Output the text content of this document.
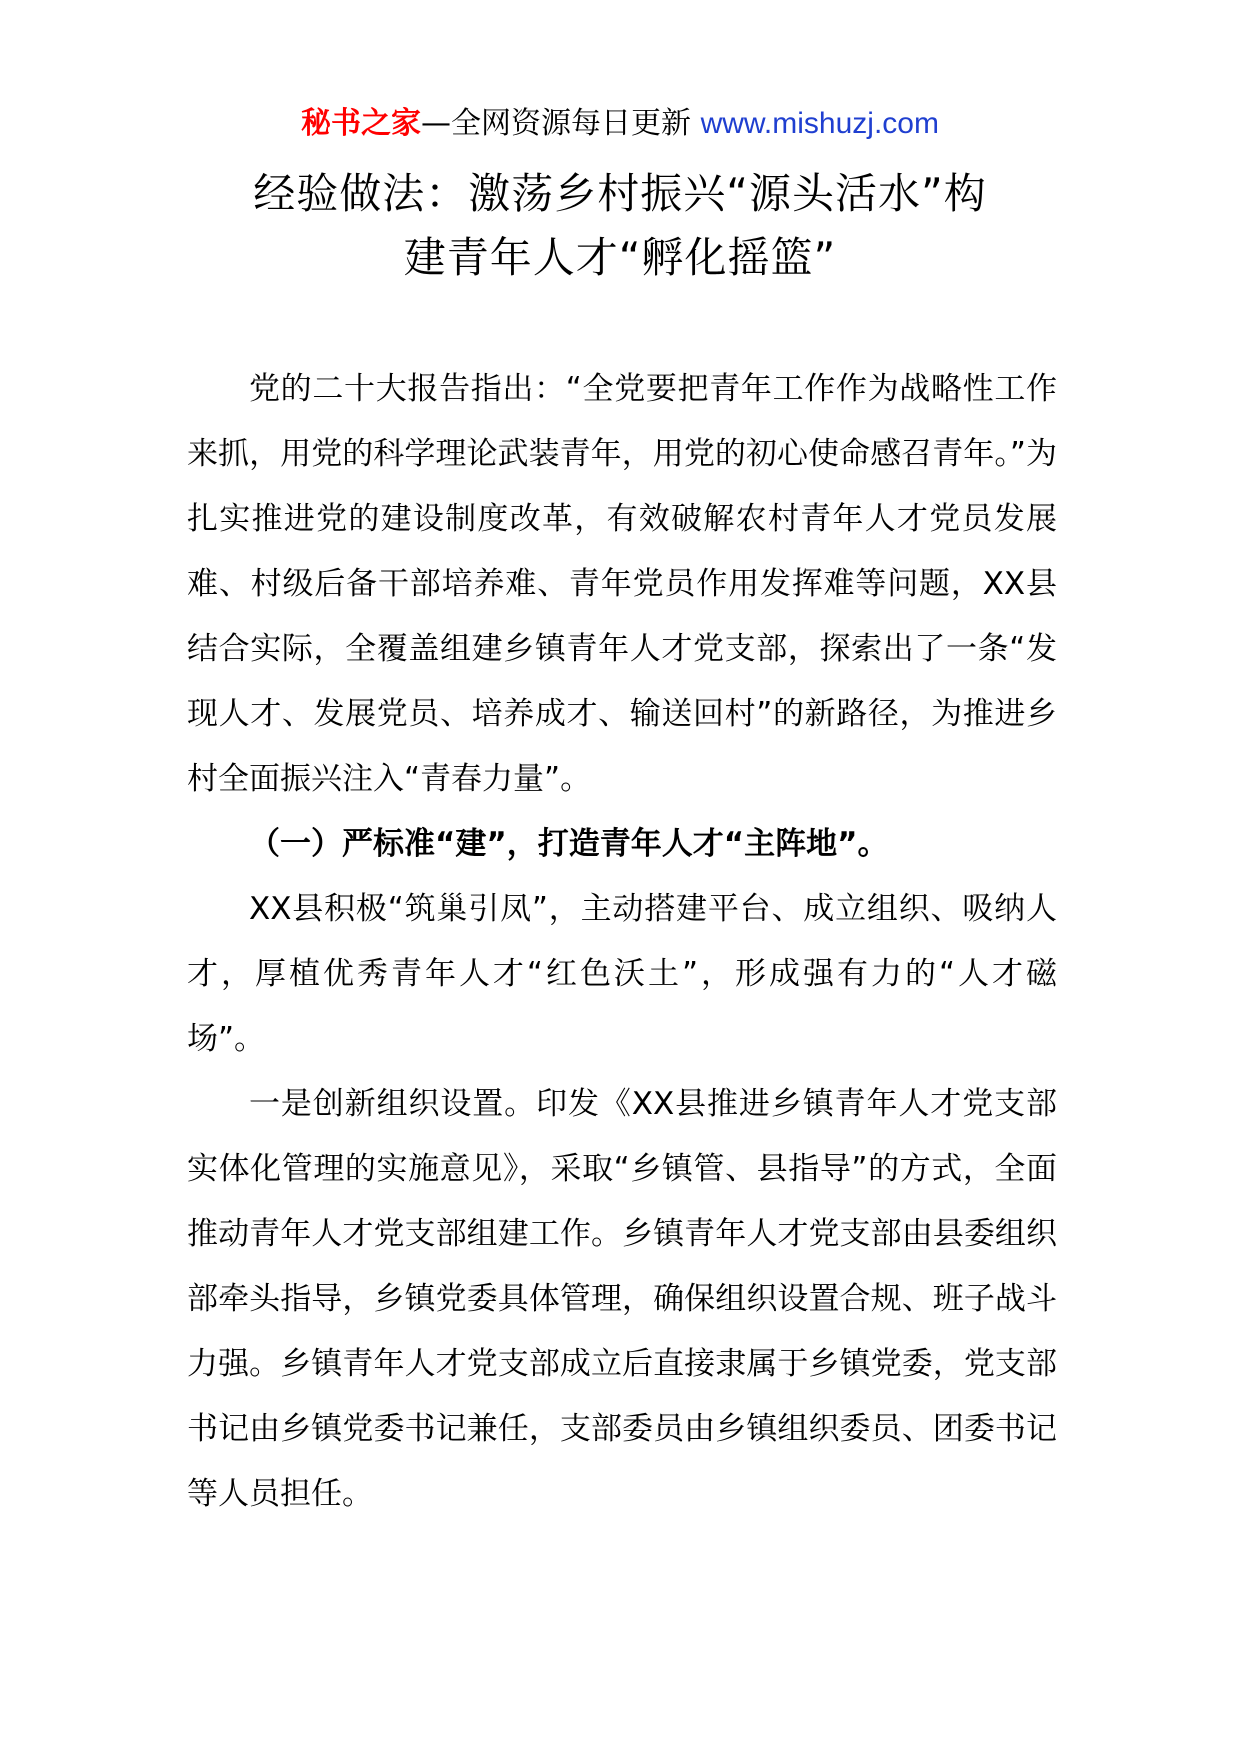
秘书之家—全网资源每日更新 www.mishuzj.com
经验做法：激荡乡村振兴“源头活水”构
建青年人才“孵化摇篮”

党的二十大报告指出：“全党要把青年工作作为战略性工作来抓，用党的科学理论武装青年，用党的初心使命感召青年。”为扎实推进党的建设制度改革，有效破解农村青年人才党员发展难、村级后备干部培养难、青年党员作用发挥难等问题，XX县结合实际，全覆盖组建乡镇青年人才党支部，探索出了一条“发现人才、发展党员、培养成才、输送回村”的新路径，为推进乡村全面振兴注入“青春力量”。

（一）严标准“建”，打造青年人才“主阵地”。

XX县积极“筑巢引凤”，主动搭建平台、成立组织、吸纳人才，厚植优秀青年人才“红色沃土”，形成强有力的“人才磁场”。

一是创新组织设置。印发《XX县推进乡镇青年人才党支部实体化管理的实施意见》，采取“乡镇管、县指导”的方式，全面推动青年人才党支部组建工作。乡镇青年人才党支部由县委组织部牵头指导，乡镇党委具体管理，确保组织设置合规、班子战斗力强。乡镇青年人才党支部成立后直接隶属于乡镇党委，党支部书记由乡镇党委书记兼任，支部委员由乡镇组织委员、团委书记等人员担任。
